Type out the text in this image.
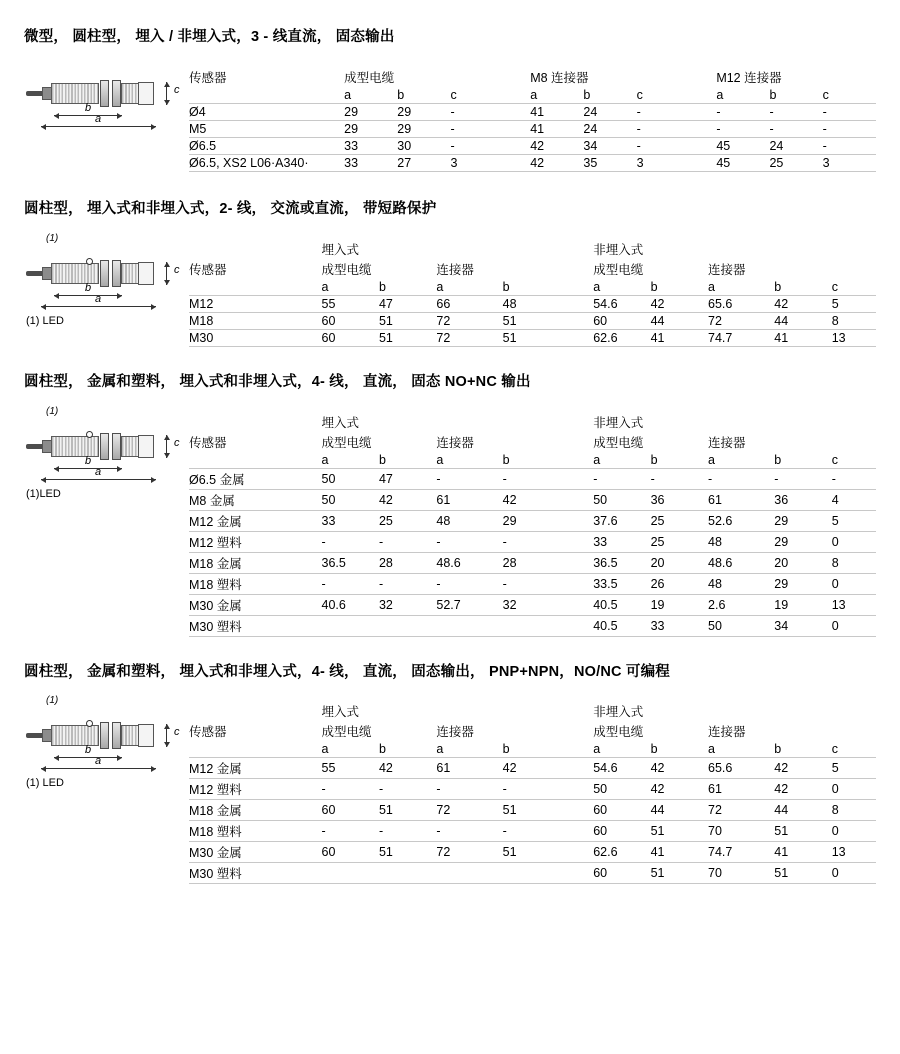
微型， 圆柱型， 埋入 / 非埋入式，3 - 线直流， 固态输出
b
a
c
传感器	成型电缆				M8 连接器				M12 连接器		
	a	b	c		a	b	c		a	b	c
Ø4	29	29	-		41	24	-		-	-	-
M5	29	29	-		41	24	-		-	-	-
Ø6.5	33	30	-		42	34	-		45	24	-
Ø6.5, XS2 L06·A340·	33	27	3		42	35	3		45	25	3
圆柱型， 埋入式和非埋入式，2- 线， 交流或直流， 带短路保护
(1)
b
a
c
(1) LED
	埋入式					非埋入式				
传感器	成型电缆		连接器			成型电缆		连接器		
	a	b	a	b		a	b	a	b	c
M12	55	47	66	48		54.6	42	65.6	42	5
M18	60	51	72	51		60	44	72	44	8
M30	60	51	72	51		62.6	41	74.7	41	13
圆柱型， 金属和塑料， 埋入式和非埋入式，4- 线， 直流， 固态 NO+NC 输出
(1)
b
a
c
(1)LED
	埋入式					非埋入式				
传感器	成型电缆		连接器			成型电缆		连接器		
	a	b	a	b		a	b	a	b	c
Ø6.5 金属	50	47	-	-		-	-	-	-	-
M8 金属	50	42	61	42		50	36	61	36	4
M12 金属	33	25	48	29		37.6	25	52.6	29	5
M12 塑料	-	-	-	-		33	25	48	29	0
M18 金属	36.5	28	48.6	28		36.5	20	48.6	20	8
M18 塑料	-	-	-	-		33.5	26	48	29	0
M30 金属	40.6	32	52.7	32		40.5	19	2.6	19	13
M30 塑料						40.5	33	50	34	0
圆柱型， 金属和塑料， 埋入式和非埋入式，4- 线， 直流， 固态输出， PNP+NPN，NO/NC 可编程
(1)
b
a
c
(1) LED
	埋入式					非埋入式				
传感器	成型电缆		连接器			成型电缆		连接器		
	a	b	a	b		a	b	a	b	c
M12 金属	55	42	61	42		54.6	42	65.6	42	5
M12 塑料	-	-	-	-		50	42	61	42	0
M18 金属	60	51	72	51		60	44	72	44	8
M18 塑料	-	-	-	-		60	51	70	51	0
M30 金属	60	51	72	51		62.6	41	74.7	41	13
M30 塑料						60	51	70	51	0
